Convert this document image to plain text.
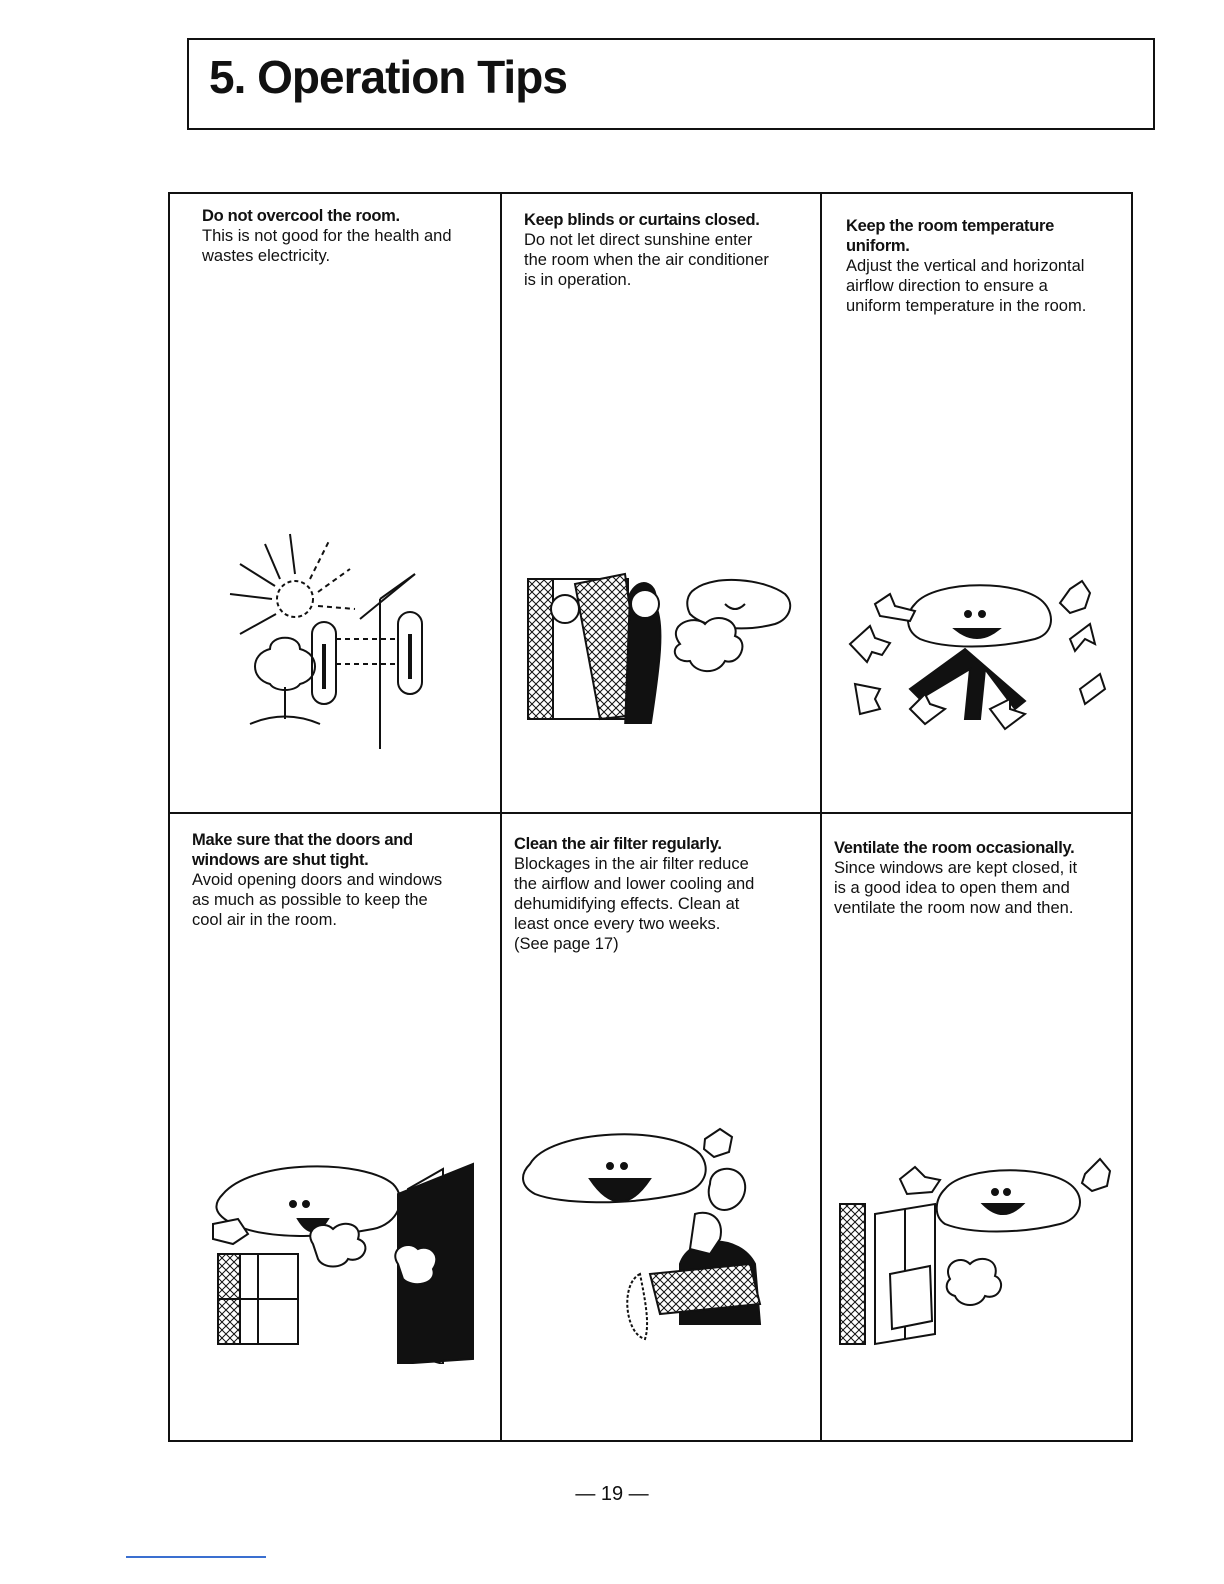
5. Operation Tips
Do not overcool the room.
This is not good for the health and
wastes electricity.
Keep blinds or curtains closed.
Do not let direct sunshine enter
the room when the air conditioner
is in operation.
Keep the room temperature
uniform.
Adjust the vertical and horizontal
airflow direction to ensure a
uniform temperature in the room.
Make sure that the doors and
windows are shut tight.
Avoid opening doors and windows
as much as possible to keep the
cool air in the room.
Clean the air filter regularly.
Blockages in the air filter reduce
the airflow and lower cooling and
dehumidifying effects. Clean at
least once every two weeks.
(See page 17)
Ventilate the room occasionally.
Since windows are kept closed, it
is a good idea to open them and
ventilate the room now and then.
— 19 —
